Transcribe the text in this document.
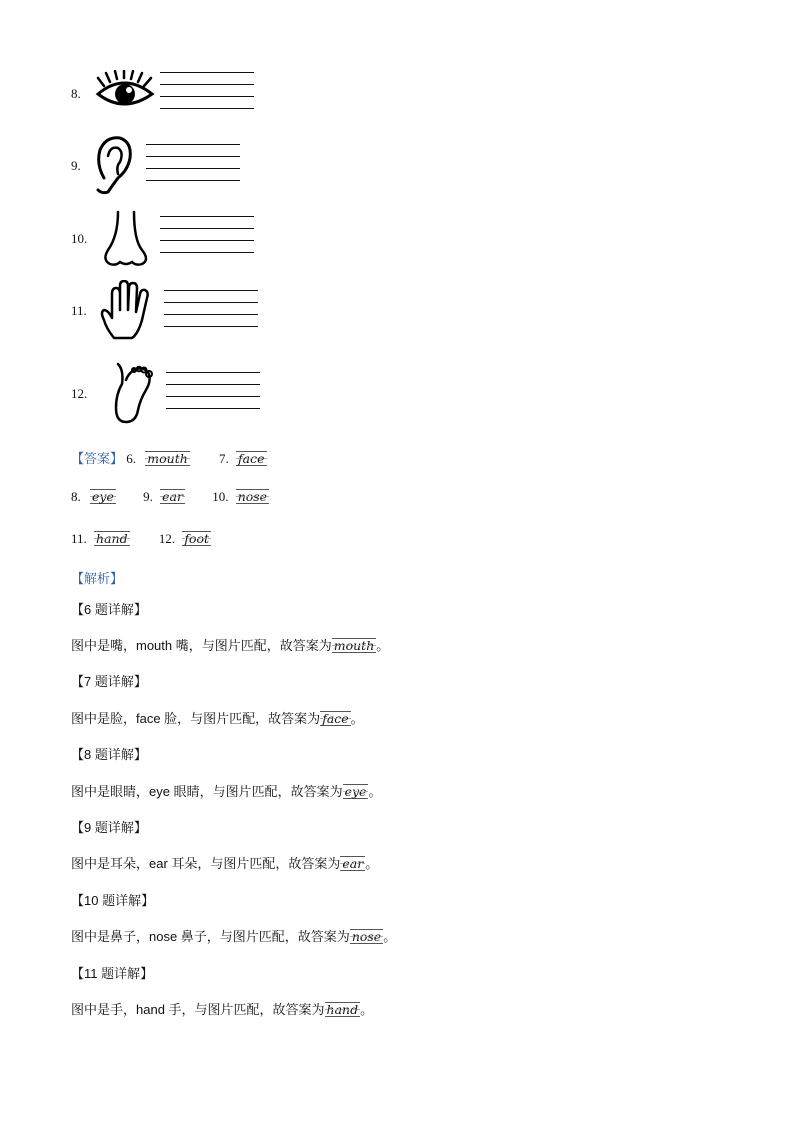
8.
9.
10.
11.
12.
【答案】 6. mouth 7. face
8. eye 9. ear 10. nose
11. hand 12. foot
【解析】
【6 题详解】
图中是嘴，mouth 嘴，与图片匹配，故答案为 mouth 。
【7 题详解】
图中是脸，face 脸，与图片匹配，故答案为 face 。
【8 题详解】
图中是眼睛，eye 眼睛，与图片匹配，故答案为 eye 。
【9 题详解】
图中是耳朵，ear 耳朵，与图片匹配，故答案为 ear 。
【10 题详解】
图中是鼻子，nose 鼻子，与图片匹配，故答案为 nose 。
【11 题详解】
图中是手，hand 手，与图片匹配，故答案为 hand 。
